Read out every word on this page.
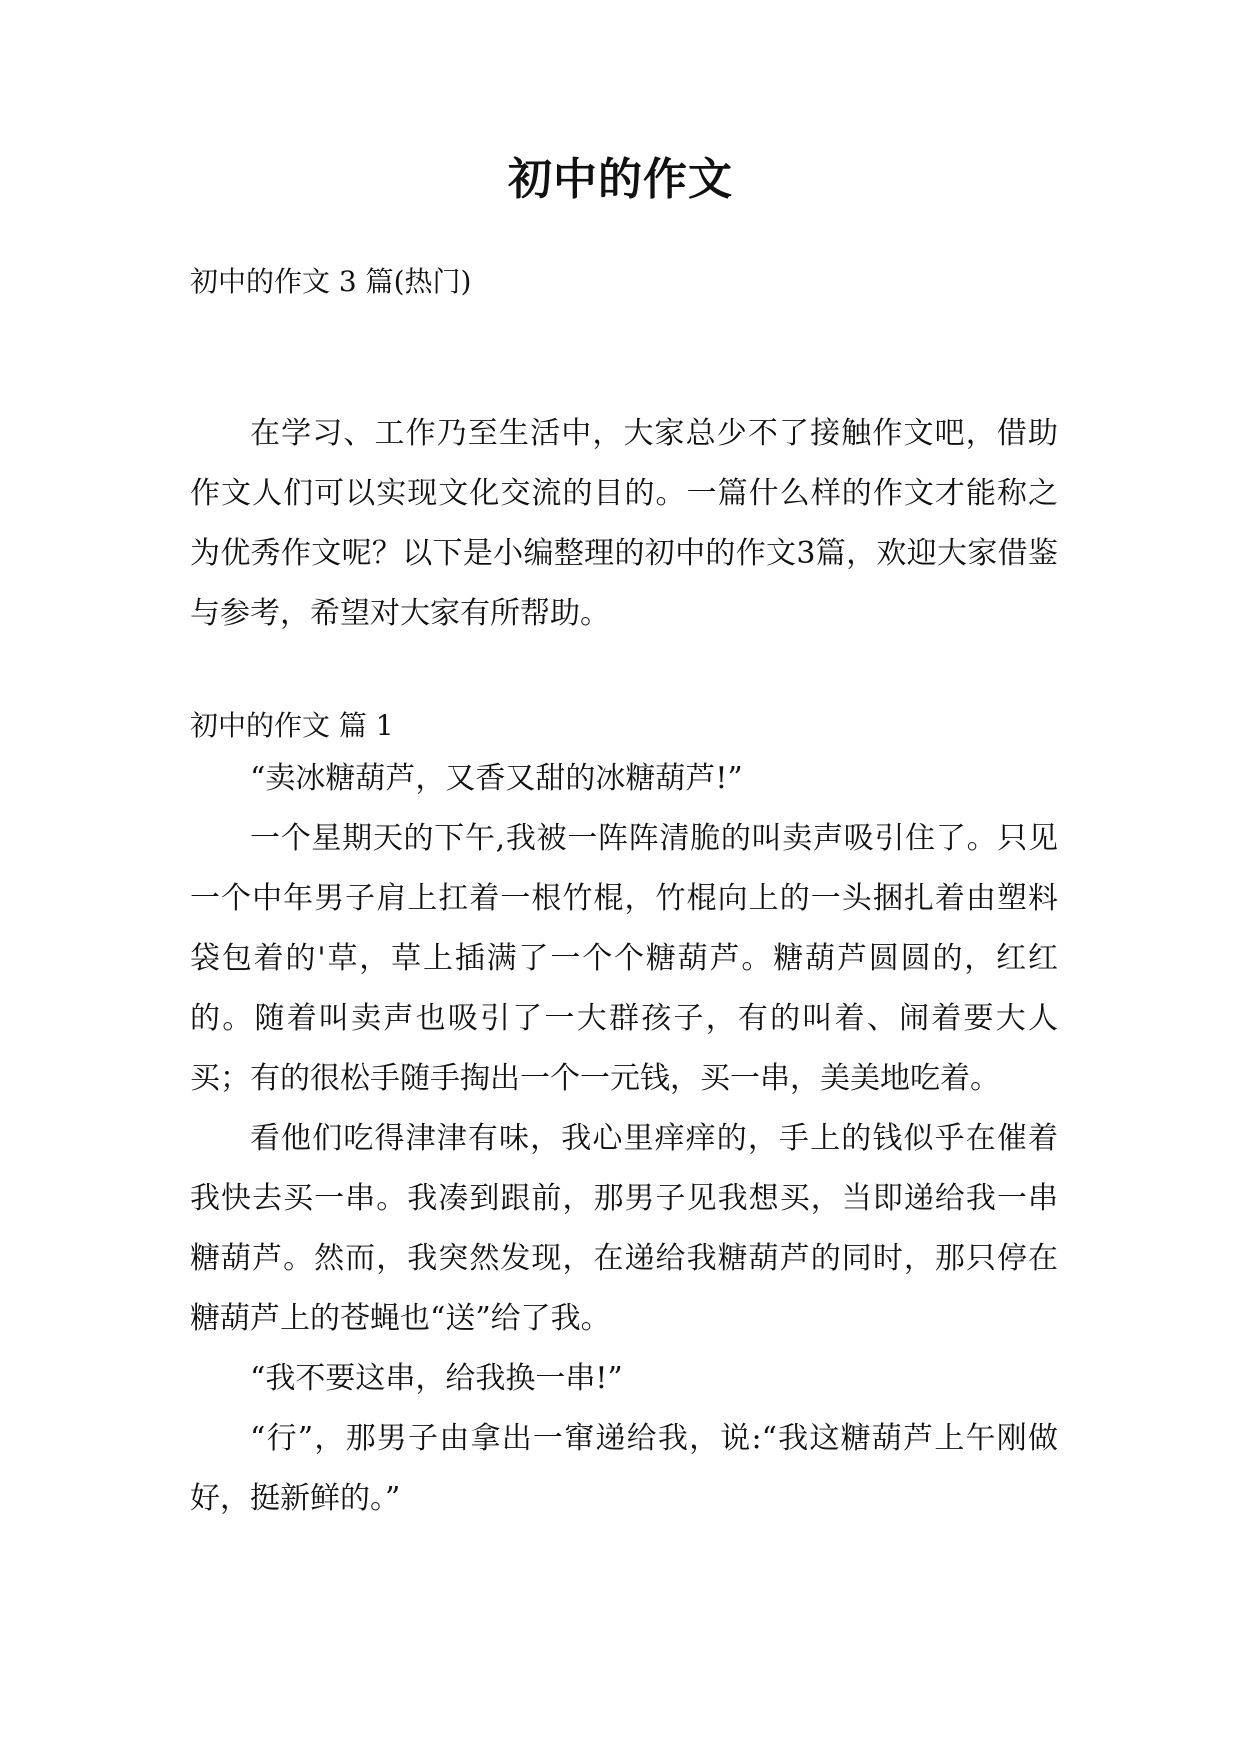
初中的作文
初中的作文 3 篇(热门)

在学习、工作乃至生活中，大家总少不了接触作文吧，借助作文人们可以实现文化交流的目的。一篇什么样的作文才能称之为优秀作文呢？以下是小编整理的初中的作文3篇，欢迎大家借鉴与参考，希望对大家有所帮助。

初中的作文 篇 1

“卖冰糖葫芦，又香又甜的冰糖葫芦!”

一个星期天的下午,我被一阵阵清脆的叫卖声吸引住了。只见一个中年男子肩上扛着一根竹棍，竹棍向上的一头捆扎着由塑料袋包着的'草，草上插满了一个个糖葫芦。糖葫芦圆圆的，红红的。随着叫卖声也吸引了一大群孩子，有的叫着、闹着要大人买；有的很松手随手掏出一个一元钱，买一串，美美地吃着。

看他们吃得津津有味，我心里痒痒的，手上的钱似乎在催着我快去买一串。我凑到跟前，那男子见我想买，当即递给我一串糖葫芦。然而，我突然发现，在递给我糖葫芦的同时，那只停在糖葫芦上的苍蝇也“送”给了我。

“我不要这串，给我换一串!”

“行”，那男子由拿出一窜递给我，说:“我这糖葫芦上午刚做好，挺新鲜的。”
